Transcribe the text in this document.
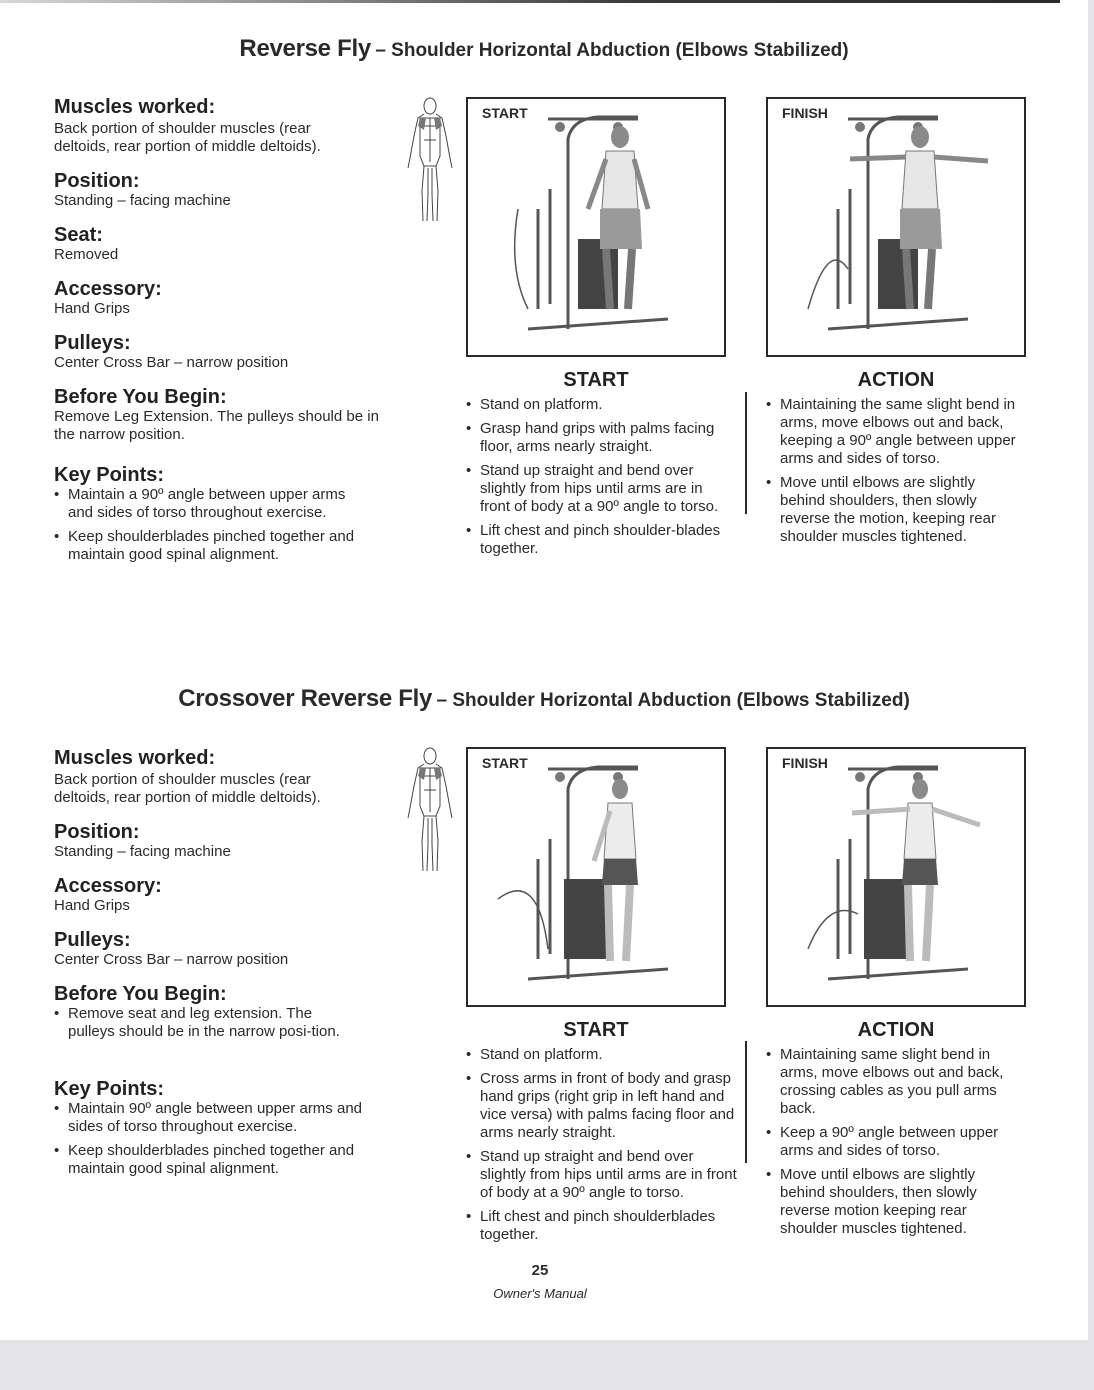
Reverse Fly – Shoulder Horizontal Abduction (Elbows Stabilized)

Muscles worked:

Back portion of shoulder muscles (rear deltoids, rear portion of middle deltoids).

Position:

Standing – facing machine

Seat:

Removed

Accessory:

Hand Grips

Pulleys:

Center Cross Bar – narrow position

Before You Begin:

Remove Leg Extension. The pulleys should be in the narrow position.

Key Points:

• Maintain a 90º angle between upper arms and sides of torso throughout exercise.
• Keep shoulderblades pinched together and maintain good spinal alignment.
START	FINISH
START
• Stand on platform.
• Grasp hand grips with palms facing floor, arms nearly straight.
• Stand up straight and bend over slightly from hips until arms are in front of body at a 90º angle to torso.
• Lift chest and pinch shoulder-blades together.
ACTION
• Maintaining the same slight bend in arms, move elbows out and back, keeping a 90º angle between upper arms and sides of torso.
• Move until elbows are slightly behind shoulders, then slowly reverse the motion, keeping rear shoulder muscles tightened.
Crossover Reverse Fly – Shoulder Horizontal Abduction (Elbows Stabilized)

Muscles worked:

Back portion of shoulder muscles (rear deltoids, rear portion of middle deltoids).

Position:

Standing – facing machine

Accessory:

Hand Grips

Pulleys:

Center Cross Bar – narrow position

Before You Begin:

• Remove seat and leg extension. The pulleys should be in the narrow posi-tion.

Key Points:

• Maintain 90º angle between upper arms and sides of torso throughout exercise.
• Keep shoulderblades pinched together and maintain good spinal alignment.
START	FINISH
START
• Stand on platform.
• Cross arms in front of body and grasp hand grips (right grip in left hand and vice versa) with palms facing floor and arms nearly straight.
• Stand up straight and bend over slightly from hips until arms are in front of body at a 90º angle to torso.
• Lift chest and pinch shoulderblades together.
ACTION
• Maintaining same slight bend in arms, move elbows out and back, crossing cables as you pull arms back.
• Keep a 90º angle between upper arms and sides of torso.
• Move until elbows are slightly behind shoulders, then slowly reverse motion keeping rear shoulder muscles tightened.
25
Owner's Manual
